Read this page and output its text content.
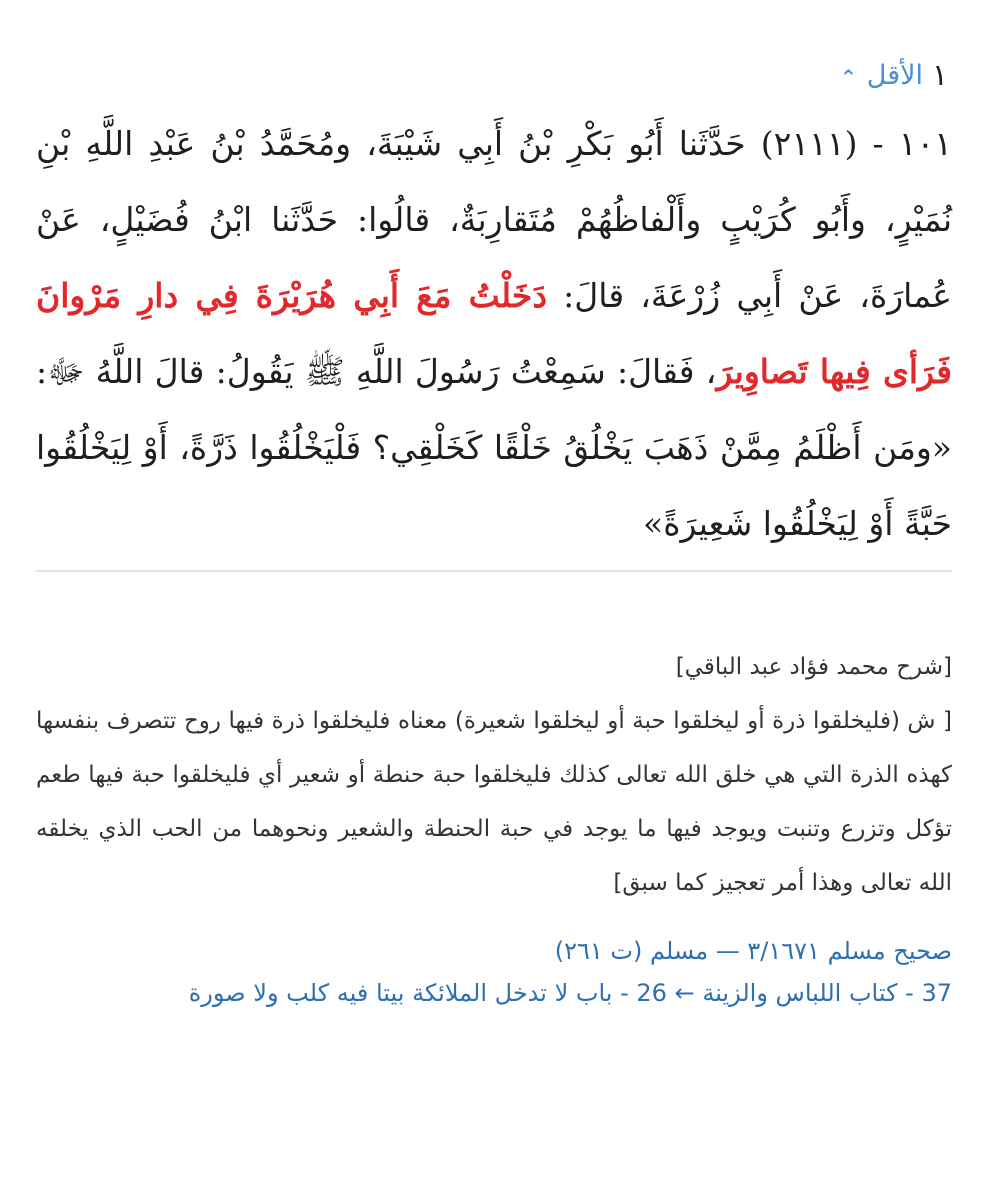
الأقل
⌃	١

١٠١ - (٢١١١) حَدَّثَنا أَبُو بَكْرِ بْنُ أَبِي شَيْبَةَ، ومُحَمَّدُ بْنُ عَبْدِ اللَّهِ بْنِ نُمَيْرٍ، وأَبُو كُرَيْبٍ وأَلْفاظُهُمْ مُتَقارِبَةٌ، قالُوا: حَدَّثَنا ابْنُ فُضَيْلٍ، عَنْ عُمارَةَ، عَنْ أَبِي زُرْعَةَ، قالَ: دَخَلْتُ مَعَ أَبِي هُرَيْرَةَ فِي دارِ مَرْوانَ فَرَأى فِيها تَصاوِيرَ، فَقالَ: سَمِعْتُ رَسُولَ اللَّهِ ﷺ يَقُولُ: قالَ اللَّهُ ﷻ: «ومَن أَظْلَمُ مِمَّنْ ذَهَبَ يَخْلُقُ خَلْقًا كَخَلْقِي؟ فَلْيَخْلُقُوا ذَرَّةً، أَوْ لِيَخْلُقُوا حَبَّةً أَوْ لِيَخْلُقُوا شَعِيرَةً»

[شرح محمد فؤاد عبد الباقي]

[ ش (فليخلقوا ذرة أو ليخلقوا حبة أو ليخلقوا شعيرة) معناه فليخلقوا ذرة فيها روح تتصرف بنفسها كهذه الذرة التي هي خلق الله تعالى كذلك فليخلقوا حبة حنطة أو شعير أي فليخلقوا حبة فيها طعم تؤكل وتزرع وتنبت ويوجد فيها ما يوجد في حبة الحنطة والشعير ونحوهما من الحب الذي يخلقه الله تعالى وهذا أمر تعجيز كما سبق]

صحيح مسلم ٣/١٦٧١ — مسلم (ت ٢٦١)

37 - كتاب اللباس والزينة ← 26 - باب لا تدخل الملائكة بيتا فيه كلب ولا صورة
